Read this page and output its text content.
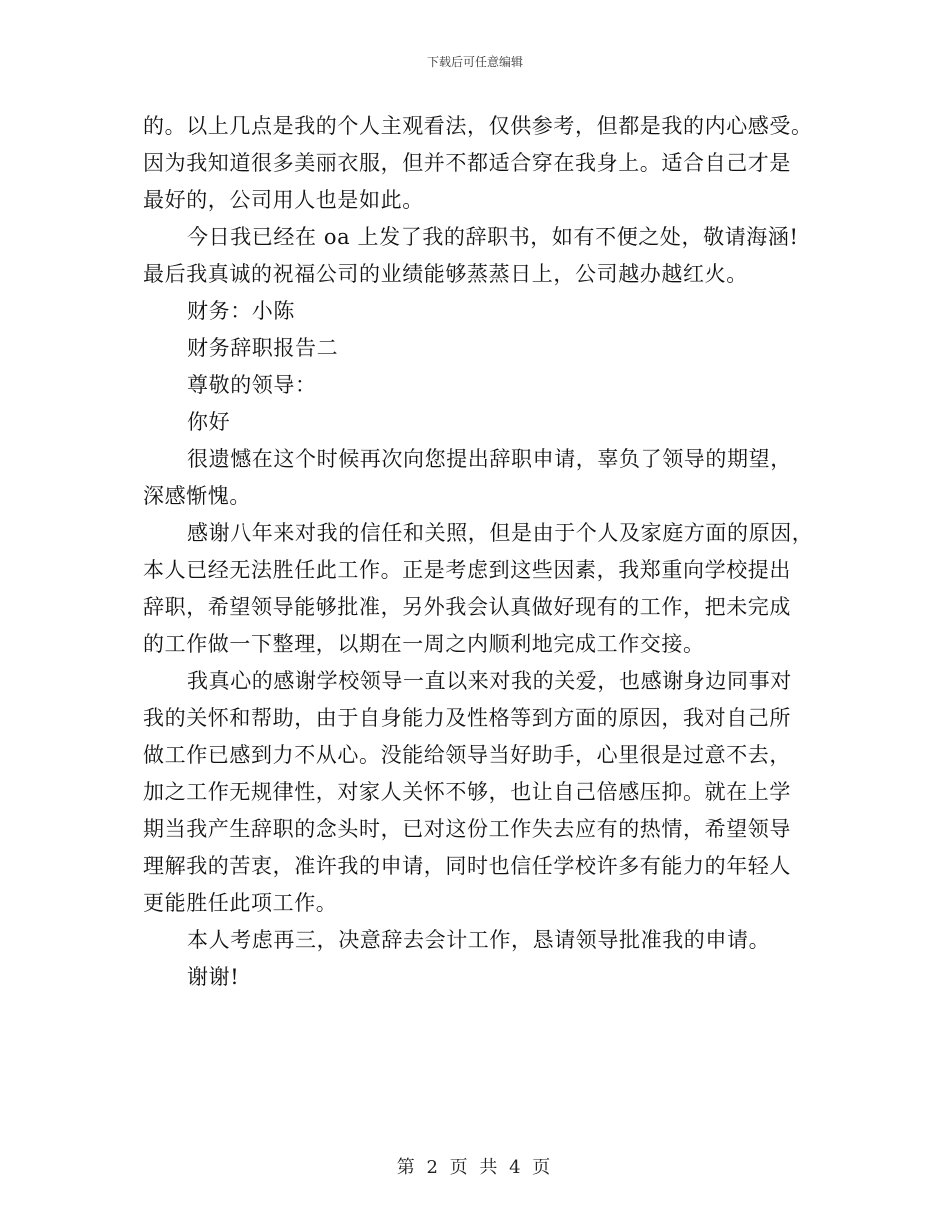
下载后可任意编辑
的。以上几点是我的个人主观看法，仅供参考，但都是我的内心感受。
因为我知道很多美丽衣服，但并不都适合穿在我身上。适合自己才是
最好的，公司用人也是如此。
今日我已经在 oa 上发了我的辞职书，如有不便之处，敬请海涵!
最后我真诚的祝福公司的业绩能够蒸蒸日上，公司越办越红火。
财务：小陈
财务辞职报告二
尊敬的领导：
你好
很遗憾在这个时候再次向您提出辞职申请，辜负了领导的期望，
深感惭愧。
感谢八年来对我的信任和关照，但是由于个人及家庭方面的原因，
本人已经无法胜任此工作。正是考虑到这些因素，我郑重向学校提出
辞职，希望领导能够批准，另外我会认真做好现有的工作，把未完成
的工作做一下整理，以期在一周之内顺利地完成工作交接。
我真心的感谢学校领导一直以来对我的关爱，也感谢身边同事对
我的关怀和帮助，由于自身能力及性格等到方面的原因，我对自己所
做工作已感到力不从心。没能给领导当好助手，心里很是过意不去，
加之工作无规律性，对家人关怀不够，也让自己倍感压抑。就在上学
期当我产生辞职的念头时，已对这份工作失去应有的热情，希望领导
理解我的苦衷，准许我的申请，同时也信任学校许多有能力的年轻人
更能胜任此项工作。
本人考虑再三，决意辞去会计工作，恳请领导批准我的申请。
谢谢!
第 2 页 共 4 页
